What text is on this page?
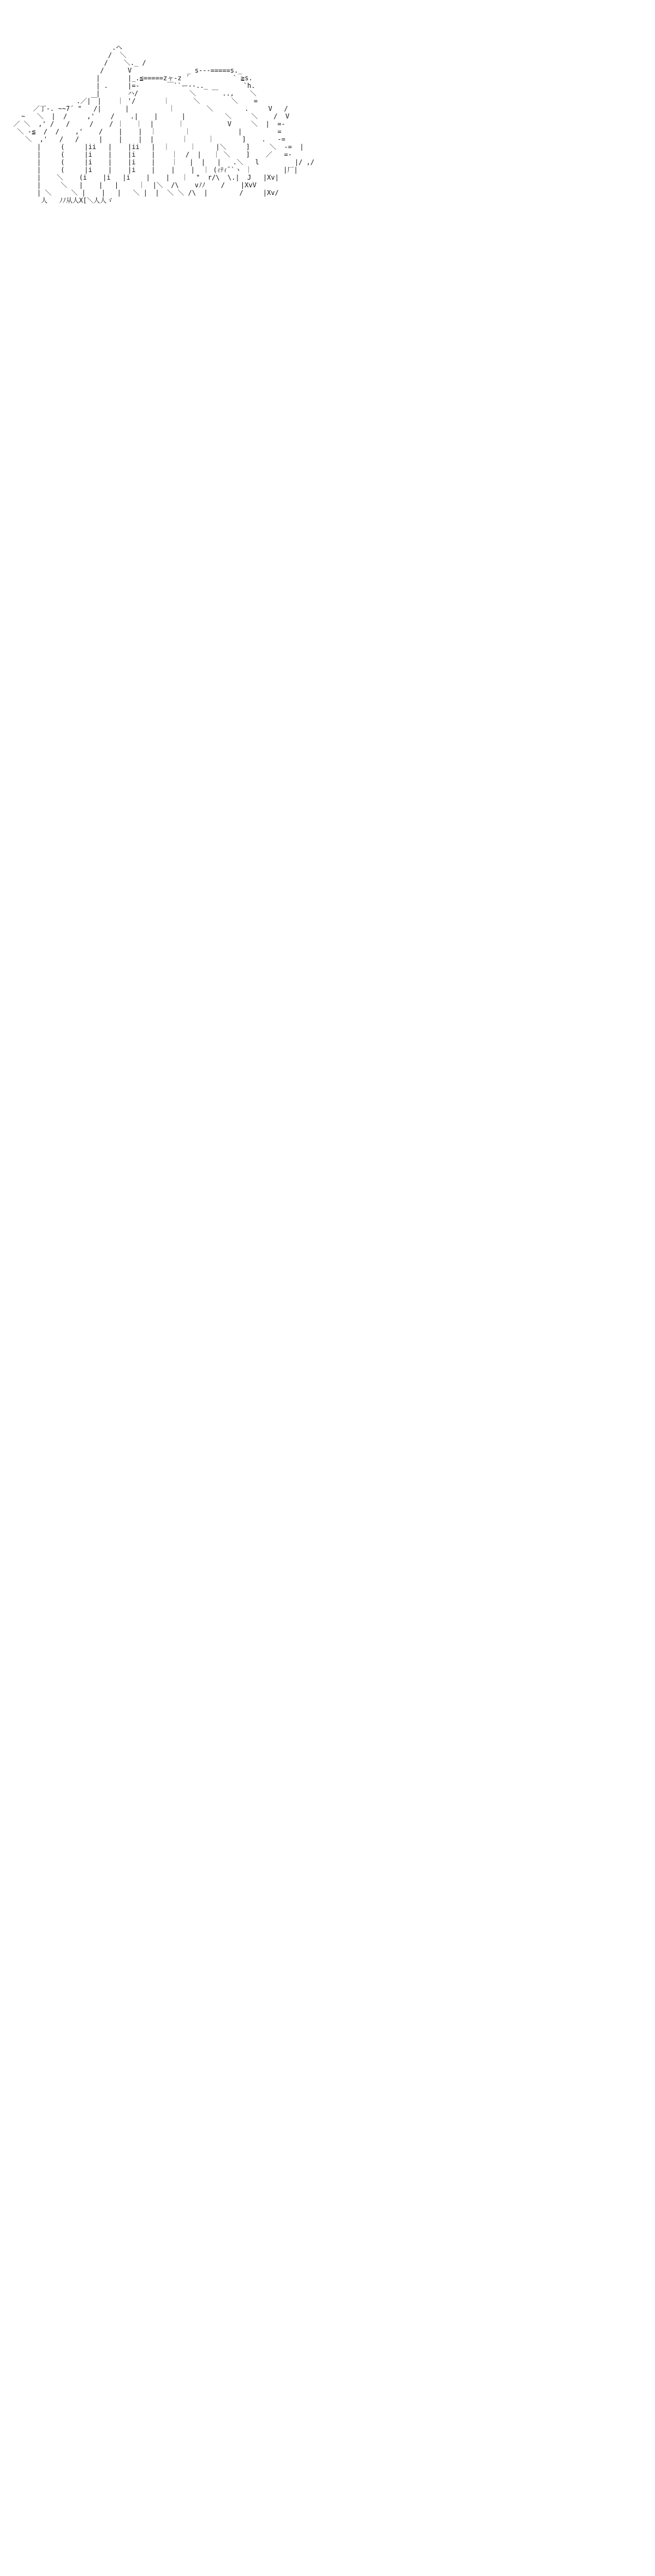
.ヘ
/  ＼
/    ＼._ /
/      V              _ s---=====s._
|       |_.≦=====zャ-z ´           ` ≧s.
| .     |=-       ￣``ー--.._         `h.
|       ハ/             ＼    ￣ ..,    ＼
.／|￣|    ｜ '/       ｜      ＼        ＼    =
／丁-. ~~7´ "   /|      |          ｜        ＼        .     V   /
~   ＼  |  /     ,'    /    .|    |      |          ＼     ＼    /  V
／ ＼  ,' /   /     /    / ｜   ｜  |      ｜           V     ＼  |  =-
＼ -≦  /  /    ,'    /    |    |  ｜       ｜            |         =
＼  ,'   /   /     |    |    |  |       ｜     ｜       ]    .   -=
|     (     |ii   |    |ii   |  ｜     ｜     |＼     ]     ＼  -=  |
|     (     |i    |    |i    |    ｜  /  |   ｜ ＼    ]    ／   =-
|     (     |i    |    |i    |    ｜   |  |   |   .＼   l         |/ ,/
|     (     |i    |    |i    |    |    |  ｜ (ｨﾃｨ¯`ヽ ｜        |厂|
|    ＼    (i    |i   |i    |    |   ｜  "  r/\  \.|  J   |Xv|
|     ＼   |    |   |     ｜  |＼  /\    vﾉﾉ    /    |XvV
| ＼     ＼ |    |   |   ＼ |  |  ＼ ＼ /\  |        /     |Xv/
人   ﾉﾉ从人X[＼人人ゞ
